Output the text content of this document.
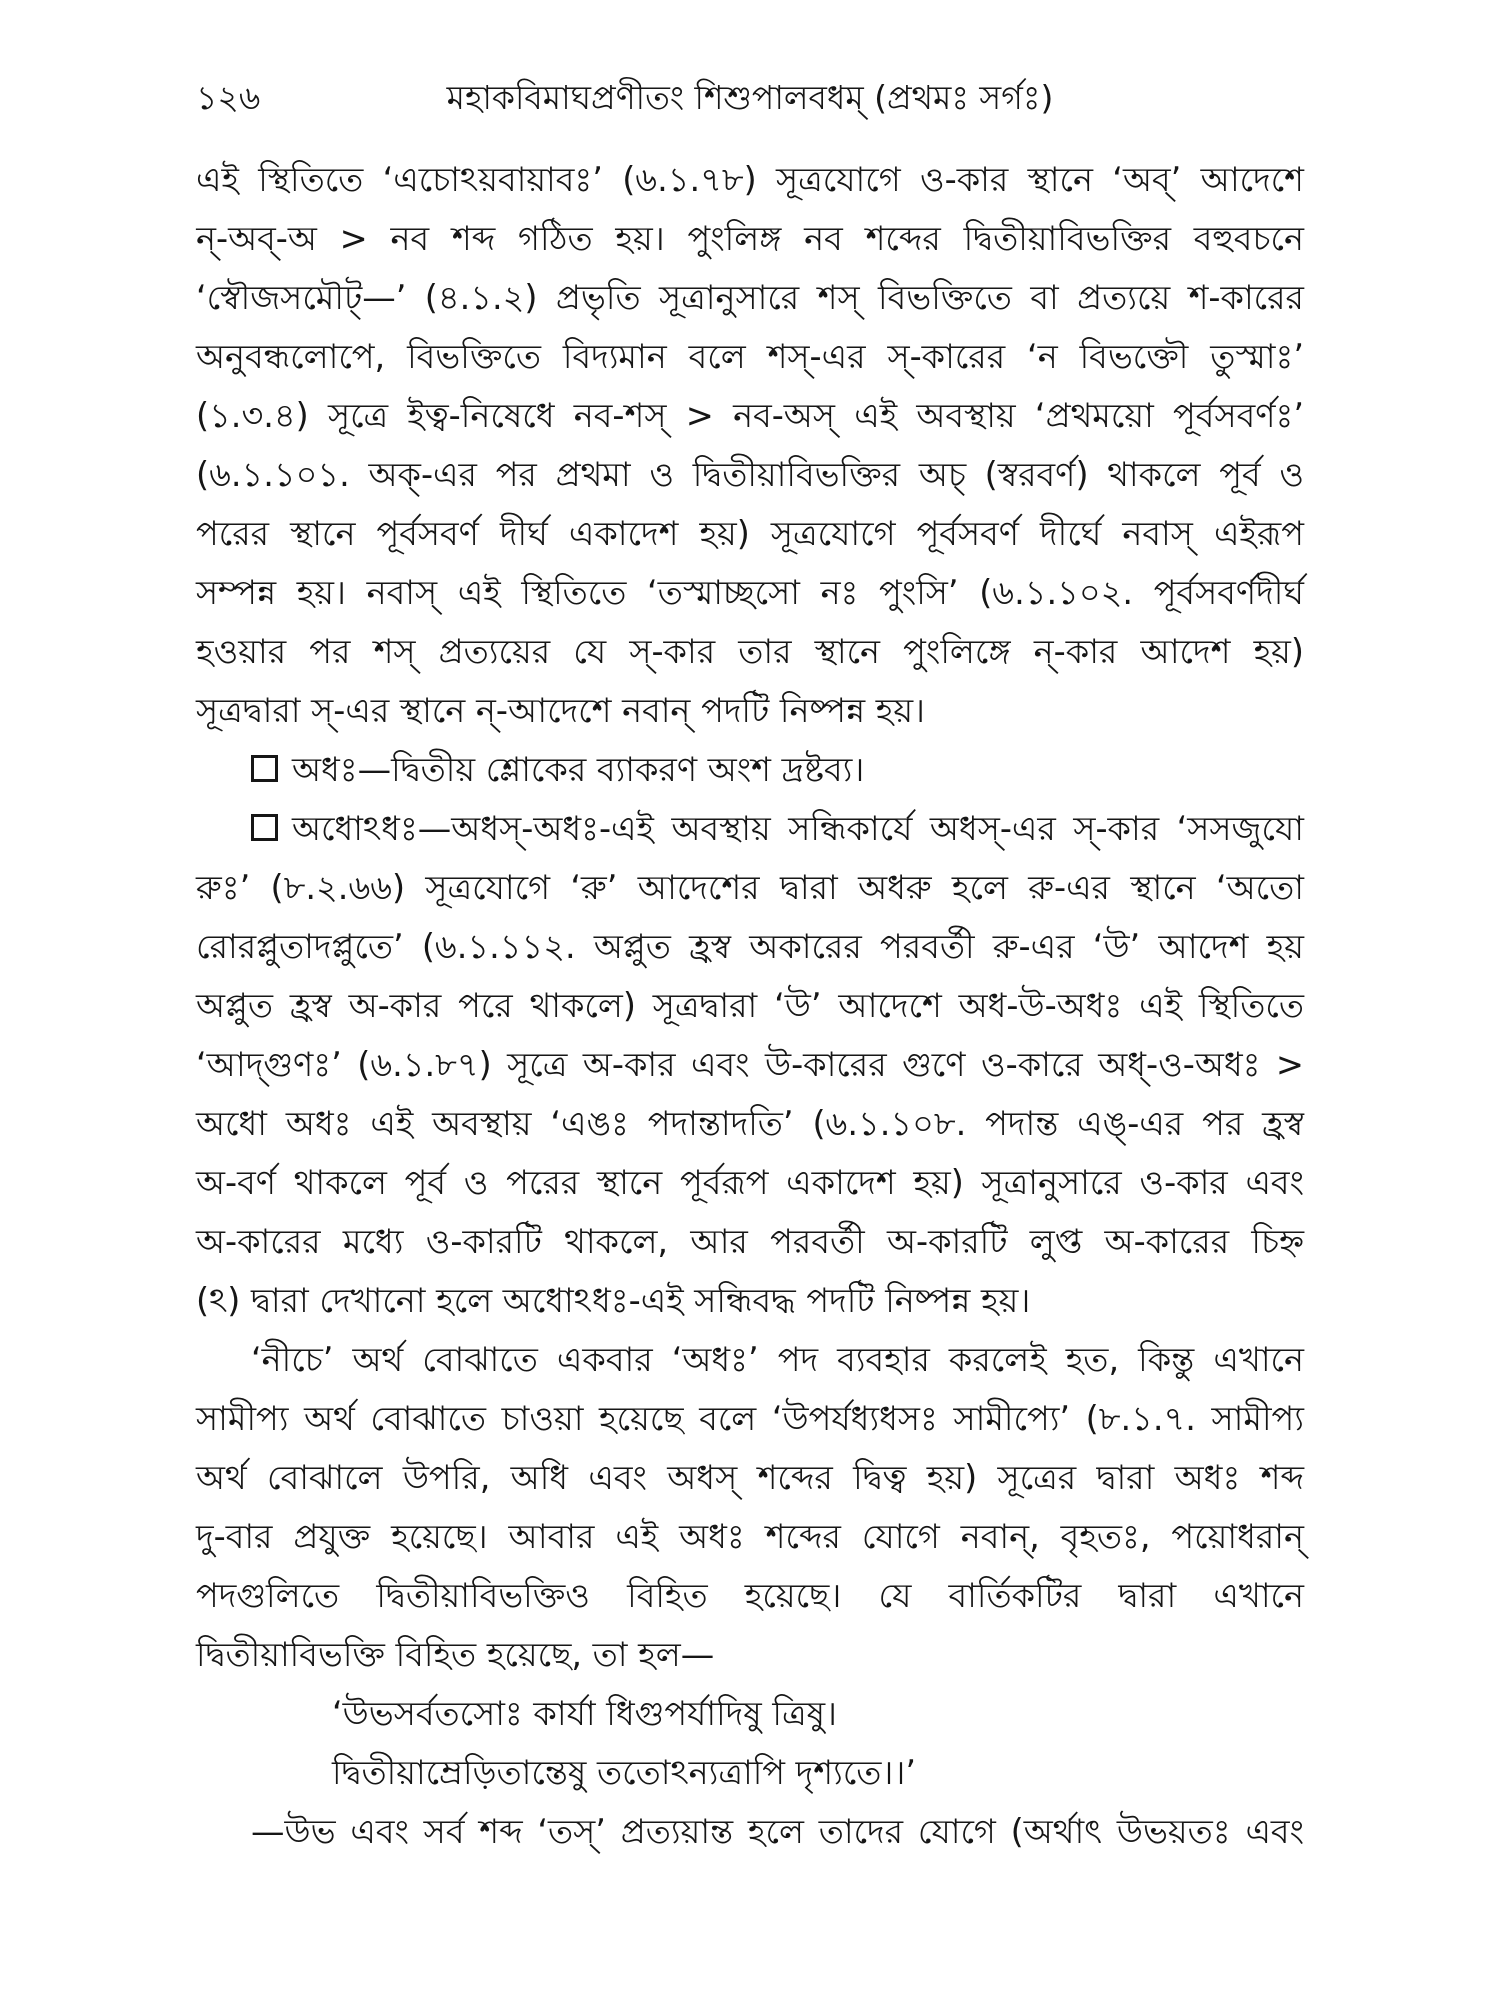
১২৬	মহাকবিমাঘপ্রণীতং শিশুপালবধম্ (প্রথমঃ সর্গঃ)
এই স্থিতিতে ‘এচোঽয়বায়াবঃ’ (৬.১.৭৮) সূত্রযোগে ও-কার স্থানে ‘অব্’ আদেশে
ন্-অব্-অ > নব শব্দ গঠিত হয়। পুংলিঙ্গ নব শব্দের দ্বিতীয়াবিভক্তির বহুবচনে
‘স্বৌজসমৌট্—’ (৪.১.২) প্রভৃতি সূত্রানুসারে শস্ বিভক্তিতে বা প্রত্যয়ে শ-কারের
অনুবন্ধলোপে, বিভক্তিতে বিদ্যমান বলে শস্-এর স্-কারের ‘ন বিভক্তৌ তুস্মাঃ’
(১.৩.৪) সূত্রে ইত্ব-নিষেধে নব-শস্ > নব-অস্ এই অবস্থায় ‘প্রথময়ো পূর্বসবর্ণঃ’
(৬.১.১০১. অক্-এর পর প্রথমা ও দ্বিতীয়াবিভক্তির অচ্ (স্বরবর্ণ) থাকলে পূর্ব ও
পরের স্থানে পূর্বসবর্ণ দীর্ঘ একাদেশ হয়) সূত্রযোগে পূর্বসবর্ণ দীর্ঘে নবাস্ এইরূপ
সম্পন্ন হয়। নবাস্ এই স্থিতিতে ‘তস্মাচ্ছসো নঃ পুংসি’ (৬.১.১০২. পূর্বসবর্ণদীর্ঘ
হওয়ার পর শস্ প্রত্যয়ের যে স্-কার তার স্থানে পুংলিঙ্গে ন্-কার আদেশ হয়)
সূত্রদ্বারা স্-এর স্থানে ন্-আদেশে নবান্ পদটি নিষ্পন্ন হয়।
অধঃ—দ্বিতীয় শ্লোকের ব্যাকরণ অংশ দ্রষ্টব্য।
অধোঽধঃ—অধস্-অধঃ-এই অবস্থায় সন্ধিকার্যে অধস্-এর স্-কার ‘সসজুযো
রুঃ’ (৮.২.৬৬) সূত্রযোগে ‘রু’ আদেশের দ্বারা অধরু হলে রু-এর স্থানে ‘অতো
রোরপ্লুতাদপ্লুতে’ (৬.১.১১২. অপ্লুত হ্রস্ব অকারের পরবর্তী রু-এর ‘উ’ আদেশ হয়
অপ্লুত হ্রস্ব অ-কার পরে থাকলে) সূত্রদ্বারা ‘উ’ আদেশে অধ-উ-অধঃ এই স্থিতিতে
‘আদ্‌গুণঃ’ (৬.১.৮৭) সূত্রে অ-কার এবং উ-কারের গুণে ও-কারে অধ্-ও-অধঃ >
অধো অধঃ এই অবস্থায় ‘এঙঃ পদান্তাদতি’ (৬.১.১০৮. পদান্ত এঙ্-এর পর হ্রস্ব
অ-বর্ণ থাকলে পূর্ব ও পরের স্থানে পূর্বরূপ একাদেশ হয়) সূত্রানুসারে ও-কার এবং
অ-কারের মধ্যে ও-কারটি থাকলে, আর পরবর্তী অ-কারটি লুপ্ত অ-কারের চিহ্ন
(ঽ) দ্বারা দেখানো হলে অধোঽধঃ-এই সন্ধিবদ্ধ পদটি নিষ্পন্ন হয়।
‘নীচে’ অর্থ বোঝাতে একবার ‘অধঃ’ পদ ব্যবহার করলেই হত, কিন্তু এখানে
সামীপ্য অর্থ বোঝাতে চাওয়া হয়েছে বলে ‘উপর্যধ্যধসঃ সামীপ্যে’ (৮.১.৭. সামীপ্য
অর্থ বোঝালে উপরি, অধি এবং অধস্ শব্দের দ্বিত্ব হয়) সূত্রের দ্বারা অধঃ শব্দ
দু-বার প্রযুক্ত হয়েছে। আবার এই অধঃ শব্দের যোগে নবান্, বৃহতঃ, পয়োধরান্
পদগুলিতে দ্বিতীয়াবিভক্তিও বিহিত হয়েছে। যে বার্তিকটির দ্বারা এখানে
দ্বিতীয়াবিভক্তি বিহিত হয়েছে, তা হল—
‘উভসর্বতসোঃ কার্যা ধিগুপর্যাদিষু ত্রিষু।
দ্বিতীয়াম্রেড়িতান্তেষু ততোঽন্যত্রাপি দৃশ্যতে।।’
—উভ এবং সর্ব শব্দ ‘তস্’ প্রত্যয়ান্ত হলে তাদের যোগে (অর্থাৎ উভয়তঃ এবং
